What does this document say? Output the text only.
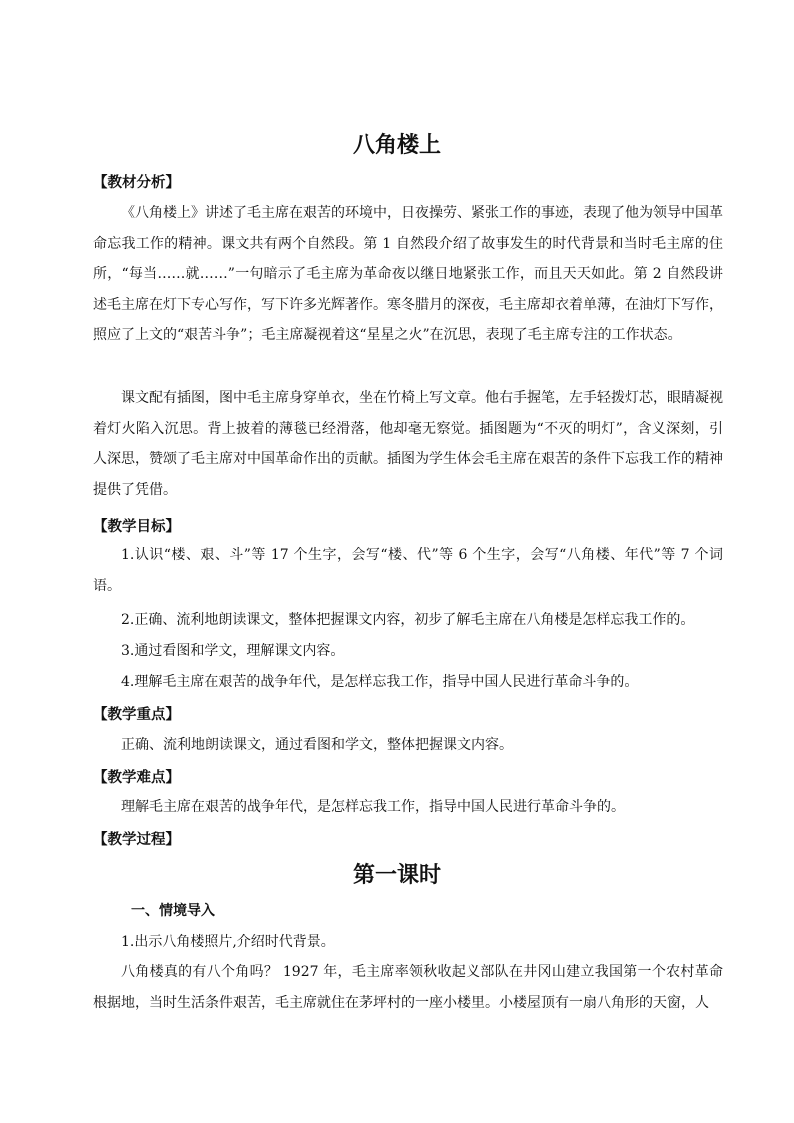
八角楼上
【教材分析】

《八角楼上》讲述了毛主席在艰苦的环境中，日夜操劳、紧张工作的事迹，表现了他为领导中国革命忘我工作的精神。课文共有两个自然段。第 1 自然段介绍了故事发生的时代背景和当时毛主席的住所，“每当……就……”一句暗示了毛主席为革命夜以继日地紧张工作，而且天天如此。第 2 自然段讲述毛主席在灯下专心写作，写下许多光辉著作。寒冬腊月的深夜，毛主席却衣着单薄，在油灯下写作，照应了上文的“艰苦斗争”；毛主席凝视着这“星星之火”在沉思，表现了毛主席专注的工作状态。

课文配有插图，图中毛主席身穿单衣，坐在竹椅上写文章。他右手握笔，左手轻拨灯芯，眼睛凝视着灯火陷入沉思。背上披着的薄毯已经滑落，他却毫无察觉。插图题为“不灭的明灯”，含义深刻，引人深思，赞颂了毛主席对中国革命作出的贡献。插图为学生体会毛主席在艰苦的条件下忘我工作的精神提供了凭借。

【教学目标】

1.认识“楼、艰、斗”等 17 个生字，会写“楼、代”等 6 个生字，会写“八角楼、年代”等 7 个词语。

2.正确、流利地朗读课文，整体把握课文内容，初步了解毛主席在八角楼是怎样忘我工作的。
3.通过看图和学文，理解课文内容。
4.理解毛主席在艰苦的战争年代，是怎样忘我工作，指导中国人民进行革命斗争的。
【教学重点】
正确、流利地朗读课文，通过看图和学文，整体把握课文内容。
【教学难点】
理解毛主席在艰苦的战争年代，是怎样忘我工作，指导中国人民进行革命斗争的。
【教学过程】
第一课时
一、情境导入
1.出示八角楼照片,介绍时代背景。

八角楼真的有八个角吗？ 1927 年，毛主席率领秋收起义部队在井冈山建立我国第一个农村革命根据地，当时生活条件艰苦，毛主席就住在茅坪村的一座小楼里。小楼屋顶有一扇八角形的天窗，人
